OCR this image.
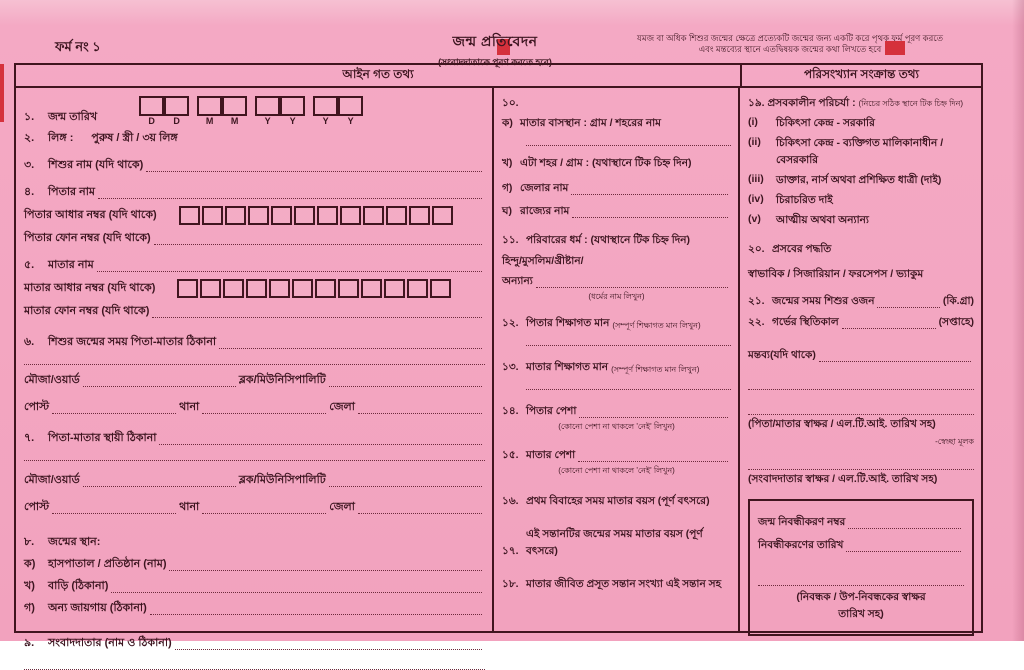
ফর্ম নং ১	জন্ম প্রতিবেদন
(সংবাদদাতাকে পূরণ করতে হবে)
যমজ বা অধিক শিশুর জন্মের ক্ষেত্রে প্রত্যেকটি জন্মের জন্য একটি করে পৃথক ফর্ম পূরণ করতে
এবং মন্তব্যের স্থানে এতদ্বিষয়ক জন্মের কথা লিখতে হবে
আইন গত তথ্য	পরিসংখ্যান সংক্রান্ত তথ্য
১.	জন্ম তারিখ	D D	M M	Y Y	Y Y
২.	লিঙ্গ : পুরুষ / স্ত্রী / ৩য় লিঙ্গ
৩.	শিশুর নাম (যদি থাকে)
৪.	পিতার নাম
পিতার আধার নম্বর (যদি থাকে)
পিতার ফোন নম্বর (যদি থাকে)
৫.	মাতার নাম
মাতার আধার নম্বর (যদি থাকে)
মাতার ফোন নম্বর (যদি থাকে)
৬.	শিশুর জন্মের সময় পিতা-মাতার ঠিকানা
মৌজা/ওয়ার্ড	ব্লক/মিউনিসিপালিটি
পোস্ট	থানা	জেলা
৭.	পিতা-মাতার স্থায়ী ঠিকানা
মৌজা/ওয়ার্ড	ব্লক/মিউনিসিপালিটি
পোস্ট	থানা	জেলা
৮.	জন্মের স্থান:
ক)	হাসপাতাল / প্রতিষ্ঠান (নাম)
খ)	বাড়ি (ঠিকানা)
গ)	অন্য জায়গায় (ঠিকানা)
৯.	সংবাদদাতার (নাম ও ঠিকানা)
১০.
ক) মাতার বাসস্থান : গ্রাম / শহরের নাম
খ) এটা শহর / গ্রাম : (যথাস্থানে টিক চিহ্ন দিন)
গ) জেলার নাম
ঘ) রাজ্যের নাম
১১. পরিবারের ধর্ম : (যথাস্থানে টিক চিহ্ন দিন)
হিন্দু/মুসলিম/খ্রীষ্টান/
অন্যান্য
(ধর্মের নাম লিখুন)
১২. পিতার শিক্ষাগত মান (সম্পূর্ণ শিক্ষাগত মান লিখুন)
১৩. মাতার শিক্ষাগত মান (সম্পূর্ণ শিক্ষাগত মান লিখুন)
১৪. পিতার পেশা
(কোনো পেশা না থাকলে 'নেই' লিখুন)
১৫. মাতার পেশা
(কোনো পেশা না থাকলে 'নেই' লিখুন)
১৬. প্রথম বিবাহের সময় মাতার বয়স (পূর্ণ বৎসরে)
১৭.
এই সন্তানটির জন্মের সময় মাতার বয়স (পূর্ণ বৎসরে)
১৮. মাতার জীবিত প্রসূত সন্তান সংখ্যা এই সন্তান সহ
১৯. প্রসবকালীন পরিচর্যা : (নিচের সঠিক স্থানে টিক চিহ্ন দিন)
(i)	চিকিৎসা কেন্দ্র - সরকারি
(ii)	চিকিৎসা কেন্দ্র - ব্যক্তিগত মালিকানাধীন / বেসরকারি
(iii)	ডাক্তার, নার্স অথবা প্রশিক্ষিত ধাত্রী (দাই)
(iv)	চিরাচরিত দাই
(v)	আত্মীয় অথবা অন্যান্য
২০. প্রসবের পদ্ধতি
স্বাভাবিক / সিজারিয়ান / ফরসেপস / ভ্যাকুম
২১. জন্মের সময় শিশুর ওজন	(কি.গ্রা)
২২. গর্ভের স্থিতিকাল	(সপ্তাহে)
মন্তব্য(যদি থাকে)
(পিতা/মাতার স্বাক্ষর / এল.টি.আই. তারিখ সহ)
-স্বেচ্ছা মূলক
(সংবাদদাতার স্বাক্ষর / এল.টি.আই. তারিখ সহ)
জন্ম নিবন্ধীকরণ নম্বর
নিবন্ধীকরণের তারিখ
(নিবন্ধক / উপ-নিবন্ধকের স্বাক্ষর
তারিখ সহ)
